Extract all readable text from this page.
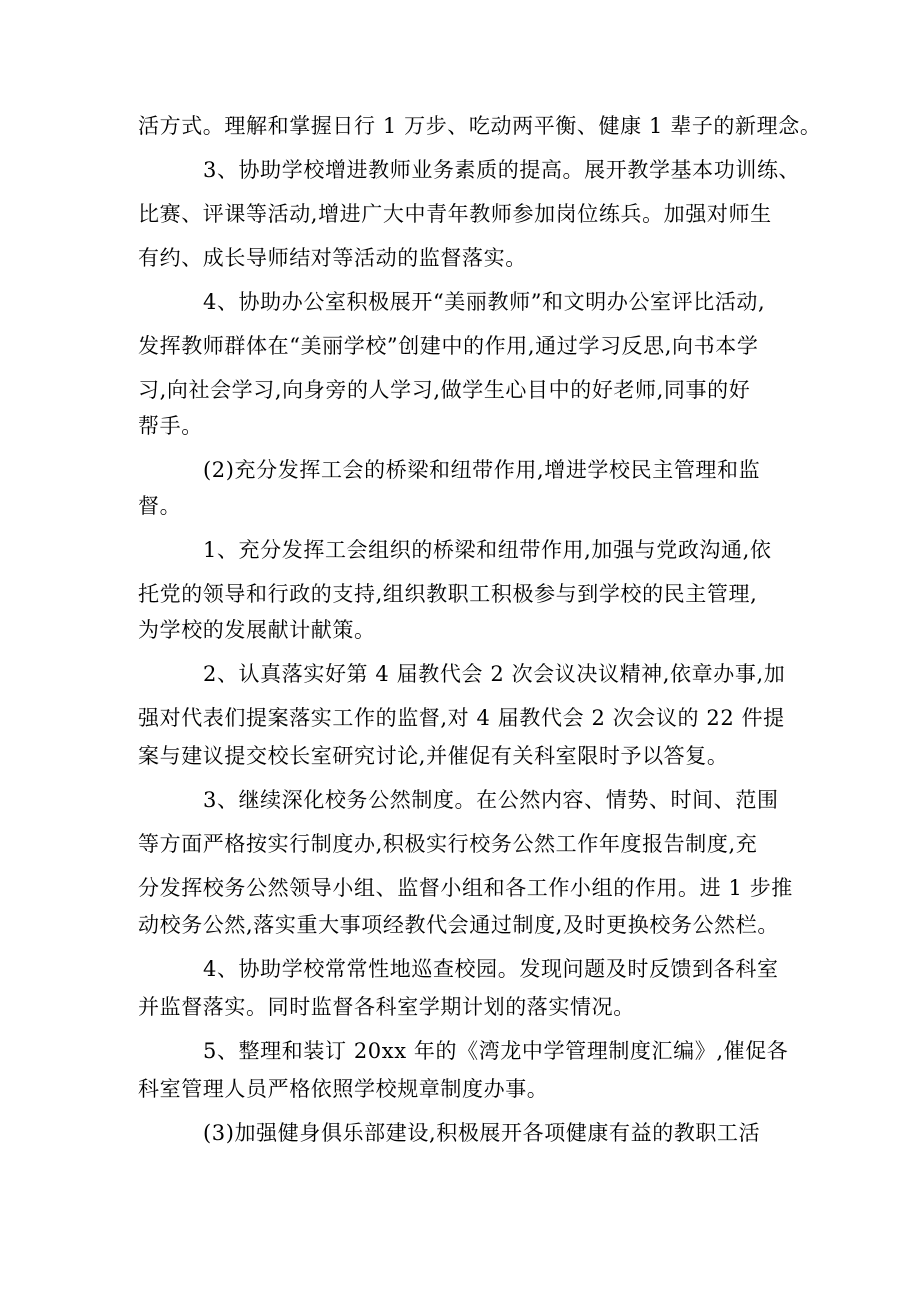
活方式。理解和掌握日行 1 万步、吃动两平衡、健康 1 辈子的新理念。

3、协助学校增进教师业务素质的提高。展开教学基本功训练、

比赛、评课等活动,增进广大中青年教师参加岗位练兵。加强对师生

有约、成长导师结对等活动的监督落实。

4、协助办公室积极展开“美丽教师”和文明办公室评比活动,

发挥教师群体在“美丽学校”创建中的作用,通过学习反思,向书本学

习,向社会学习,向身旁的人学习,做学生心目中的好老师,同事的好

帮手。

(2)充分发挥工会的桥梁和纽带作用,增进学校民主管理和监

督。

1、充分发挥工会组织的桥梁和纽带作用,加强与党政沟通,依

托党的领导和行政的支持,组织教职工积极参与到学校的民主管理,

为学校的发展献计献策。

2、认真落实好第 4 届教代会 2 次会议决议精神,依章办事,加

强对代表们提案落实工作的监督,对 4 届教代会 2 次会议的 22 件提

案与建议提交校长室研究讨论,并催促有关科室限时予以答复。

3、继续深化校务公然制度。在公然内容、情势、时间、范围

等方面严格按实行制度办,积极实行校务公然工作年度报告制度,充

分发挥校务公然领导小组、监督小组和各工作小组的作用。进 1 步推

动校务公然,落实重大事项经教代会通过制度,及时更换校务公然栏。

4、协助学校常常性地巡查校园。发现问题及时反馈到各科室

并监督落实。同时监督各科室学期计划的落实情况。

5、整理和装订 20xx 年的《湾龙中学管理制度汇编》,催促各

科室管理人员严格依照学校规章制度办事。

(3)加强健身俱乐部建设,积极展开各项健康有益的教职工活
